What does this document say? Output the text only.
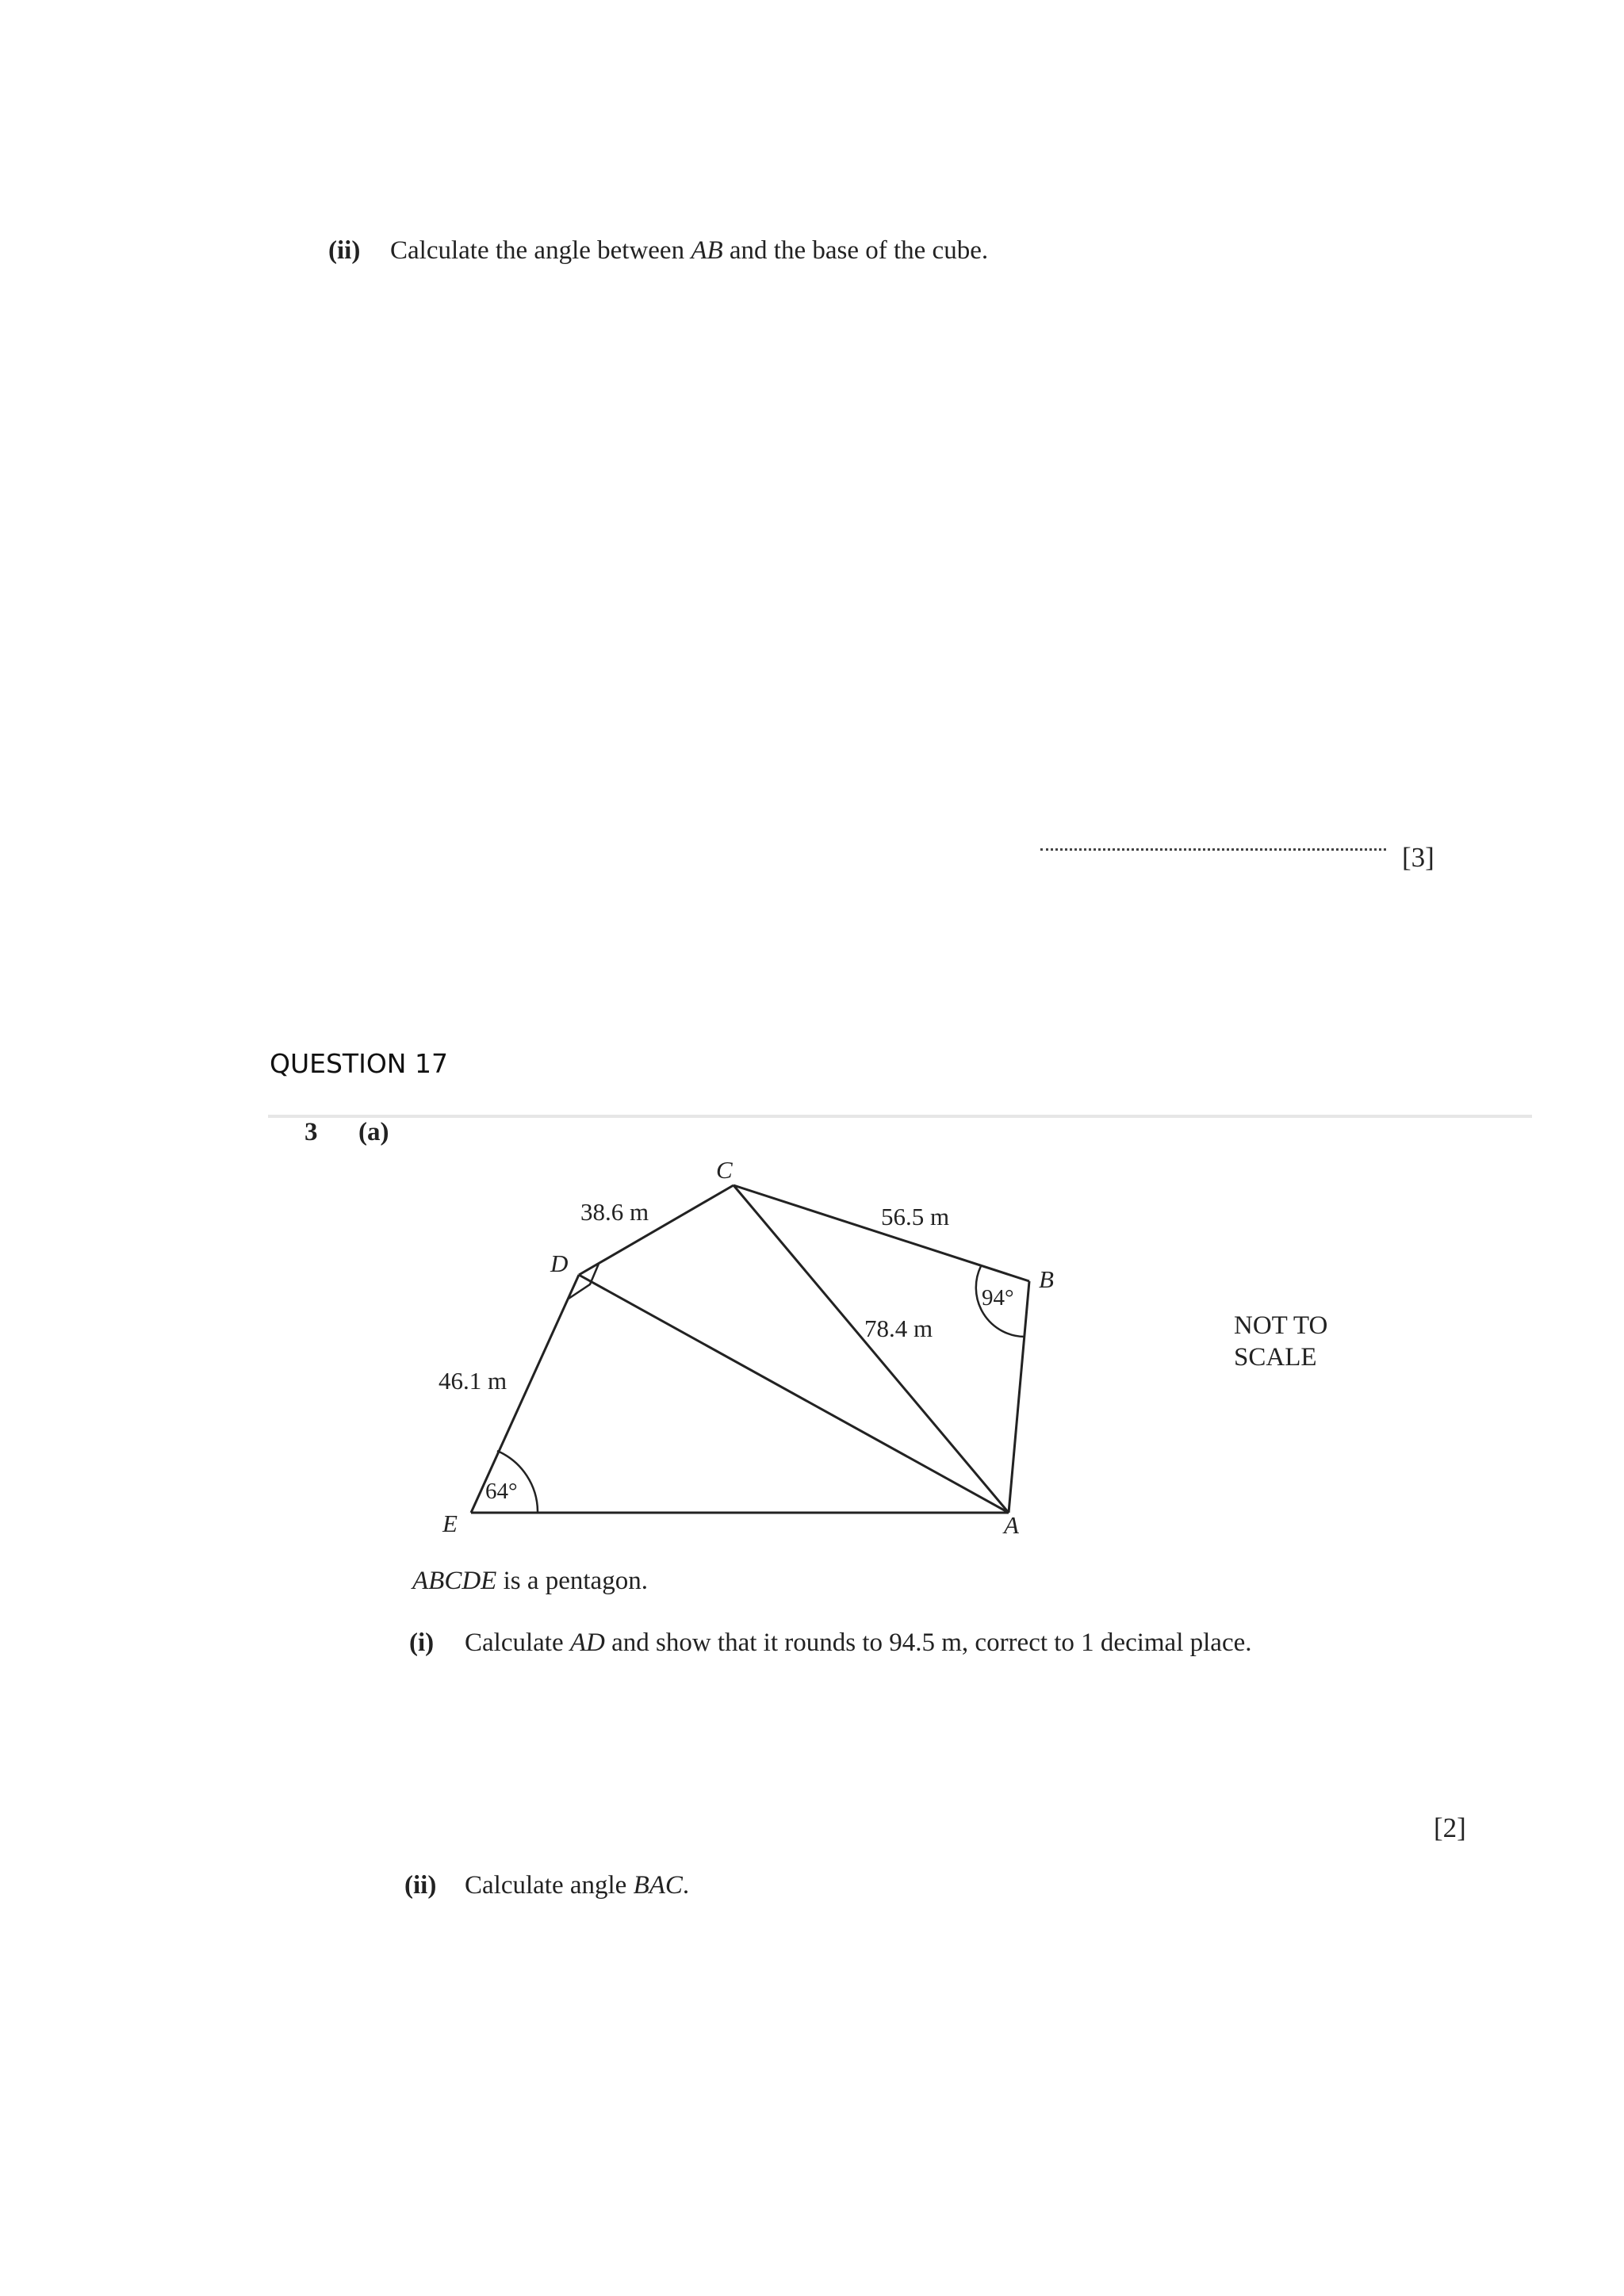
(ii) Calculate the angle between AB and the base of the cube.
[3]
QUESTION 17
3 (a)
C
D
B
E	A
38.6 m	56.5 m
78.4 m
46.1 m
94°
64°
NOT TO SCALE
ABCDE is a pentagon.
(i) Calculate AD and show that it rounds to 94.5 m, correct to 1 decimal place.
[2]
(ii) Calculate angle BAC.
